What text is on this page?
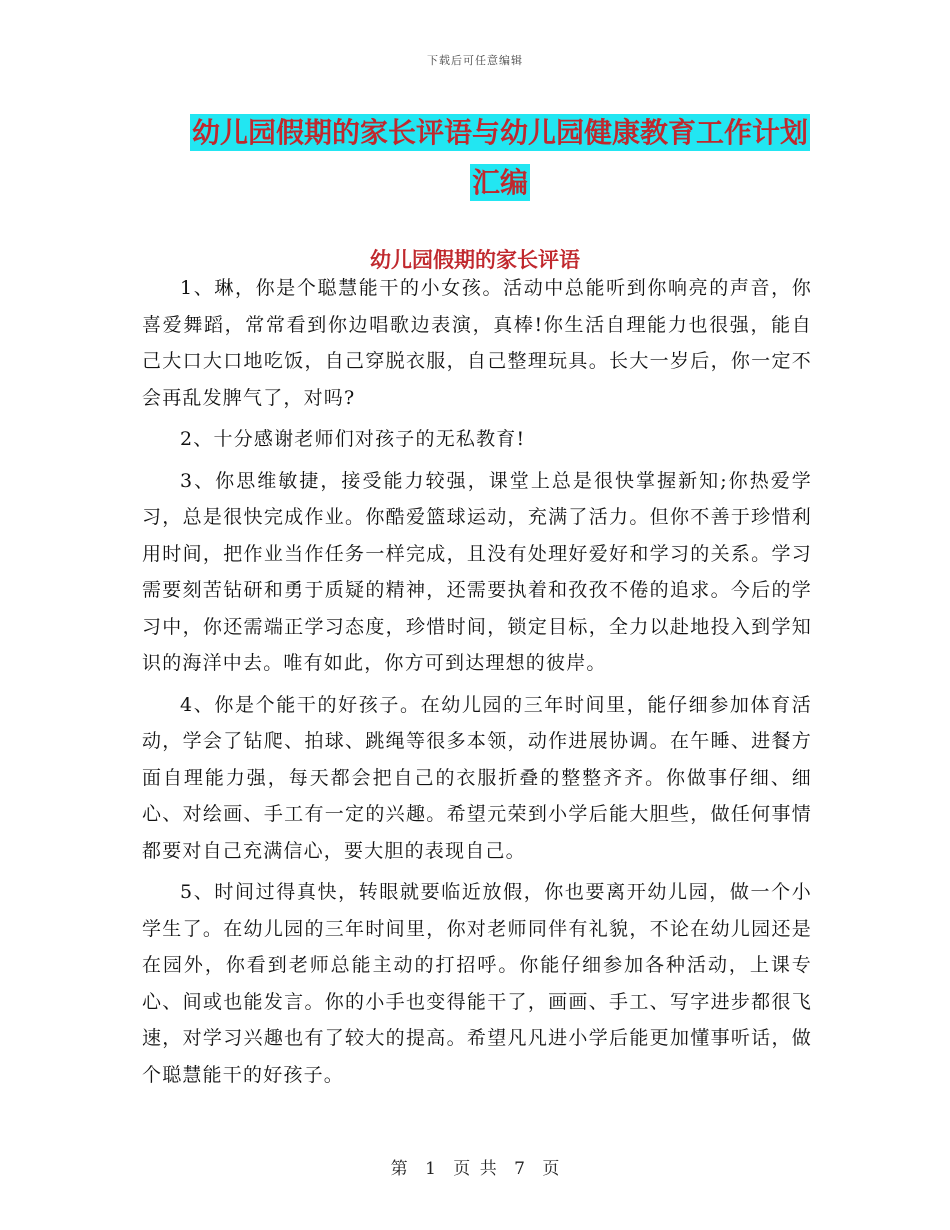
下载后可任意编辑
幼儿园假期的家长评语与幼儿园健康教育工作计划汇编
幼儿园假期的家长评语

1、琳，你是个聪慧能干的小女孩。活动中总能听到你响亮的声音，你喜爱舞蹈，常常看到你边唱歌边表演，真棒!你生活自理能力也很强，能自己大口大口地吃饭，自己穿脱衣服，自己整理玩具。长大一岁后，你一定不会再乱发脾气了，对吗?

2、十分感谢老师们对孩子的无私教育!

3、你思维敏捷，接受能力较强，课堂上总是很快掌握新知;你热爱学习，总是很快完成作业。你酷爱篮球运动，充满了活力。但你不善于珍惜利用时间，把作业当作任务一样完成，且没有处理好爱好和学习的关系。学习需要刻苦钻研和勇于质疑的精神，还需要执着和孜孜不倦的追求。今后的学习中，你还需端正学习态度，珍惜时间，锁定目标，全力以赴地投入到学知识的海洋中去。唯有如此，你方可到达理想的彼岸。

4、你是个能干的好孩子。在幼儿园的三年时间里，能仔细参加体育活动，学会了钻爬、拍球、跳绳等很多本领，动作进展协调。在午睡、进餐方面自理能力强，每天都会把自己的衣服折叠的整整齐齐。你做事仔细、细心、对绘画、手工有一定的兴趣。希望元荣到小学后能大胆些，做任何事情都要对自己充满信心，要大胆的表现自己。

5、时间过得真快，转眼就要临近放假，你也要离开幼儿园，做一个小学生了。在幼儿园的三年时间里，你对老师同伴有礼貌，不论在幼儿园还是在园外，你看到老师总能主动的打招呼。你能仔细参加各种活动，上课专心、间或也能发言。你的小手也变得能干了，画画、手工、写字进步都很飞速，对学习兴趣也有了较大的提高。希望凡凡进小学后能更加懂事听话，做个聪慧能干的好孩子。

第 1 页 共 7 页
